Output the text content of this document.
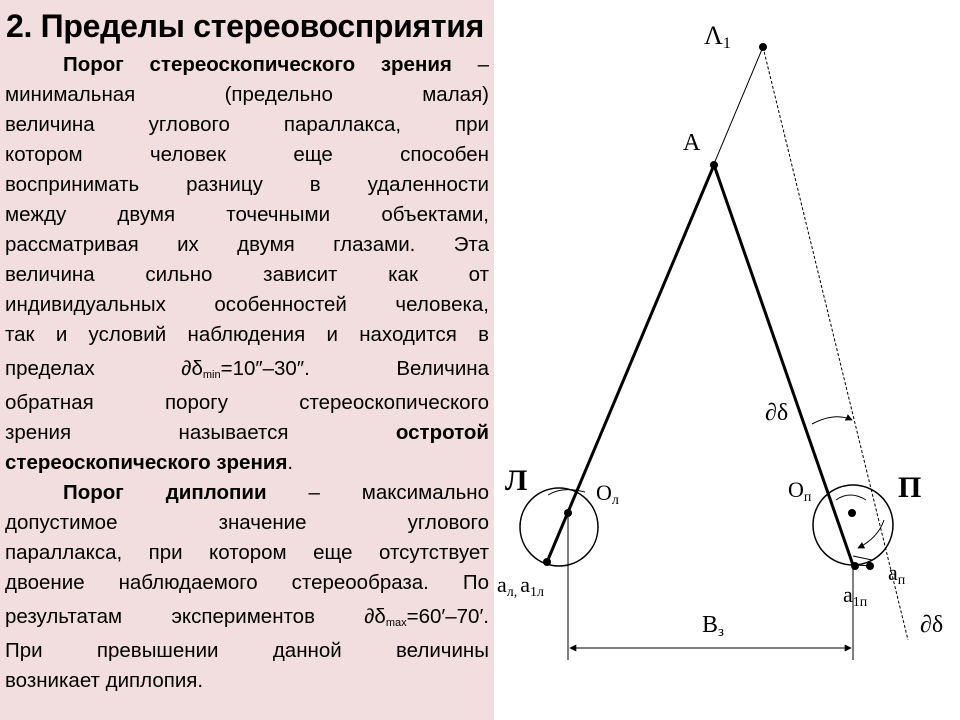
2. Пределы стереовосприятия
Порог стереоскопического зрения –
минимальная (предельно малая)
величина углового параллакса, при
котором человек еще способен
воспринимать разницу в удаленности
между двумя точечными объектами,
рассматривая их двумя глазами. Эта
величина сильно зависит как от
индивидуальных особенностей человека,
так и условий наблюдения и находится в
пределах $\partial\delta_{min}=10''-30''$. Величина
обратная порогу стереоскопического
зрения называется	остротой
стереоскопического зрения.
Порог диплопии – максимально
допустимое значение углового
параллакса, при котором еще отсутствует
двоение наблюдаемого стереообраза. По
результатам экспериментов $\partial\delta_{max}=60'-70'$.
При превышении данной величины
возникает диплопия.
Λ1
A
Л	П
Oл	Oп
aл, a1л
aп
a1п
Bз
∂δ
∂δ
